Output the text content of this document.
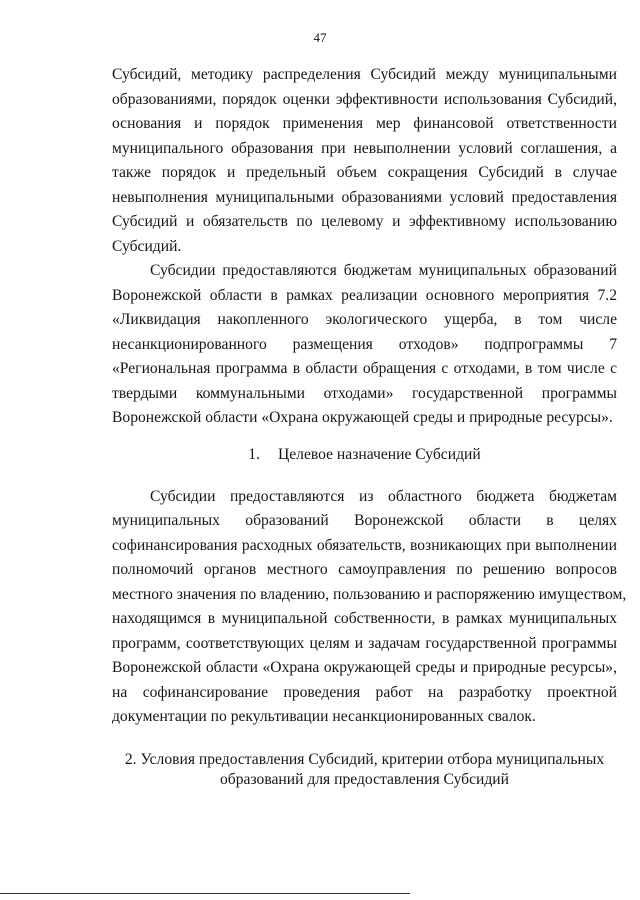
47
Субсидий, методику распределения Субсидий между муниципальными
образованиями, порядок оценки эффективности использования Субсидий,
основания и порядок применения мер финансовой ответственности
муниципального образования при невыполнении условий соглашения, а
также порядок и предельный объем сокращения Субсидий в случае
невыполнения муниципальными образованиями условий предоставления
Субсидий и обязательств по целевому и эффективному использованию
Субсидий.
Субсидии предоставляются бюджетам муниципальных образований
Воронежской области в рамках реализации основного мероприятия 7.2
«Ликвидация накопленного экологического ущерба, в том числе
несанкционированного размещения отходов» подпрограммы 7
«Региональная программа в области обращения с отходами, в том числе с
твердыми коммунальными отходами» государственной программы
Воронежской области «Охрана окружающей среды и природные ресурсы».
1. Целевое назначение Субсидий
Субсидии предоставляются из областного бюджета бюджетам
муниципальных образований Воронежской области в целях
софинансирования расходных обязательств, возникающих при выполнении
полномочий органов местного самоуправления по решению вопросов
местного значения по владению, пользованию и распоряжению имуществом,
находящимся в муниципальной собственности, в рамках муниципальных
программ, соответствующих целям и задачам государственной программы
Воронежской области «Охрана окружающей среды и природные ресурсы»,
на софинансирование проведения работ на разработку проектной
документации по рекультивации несанкционированных свалок.
2. Условия предоставления Субсидий, критерии отбора муниципальных
образований для предоставления Субсидий
